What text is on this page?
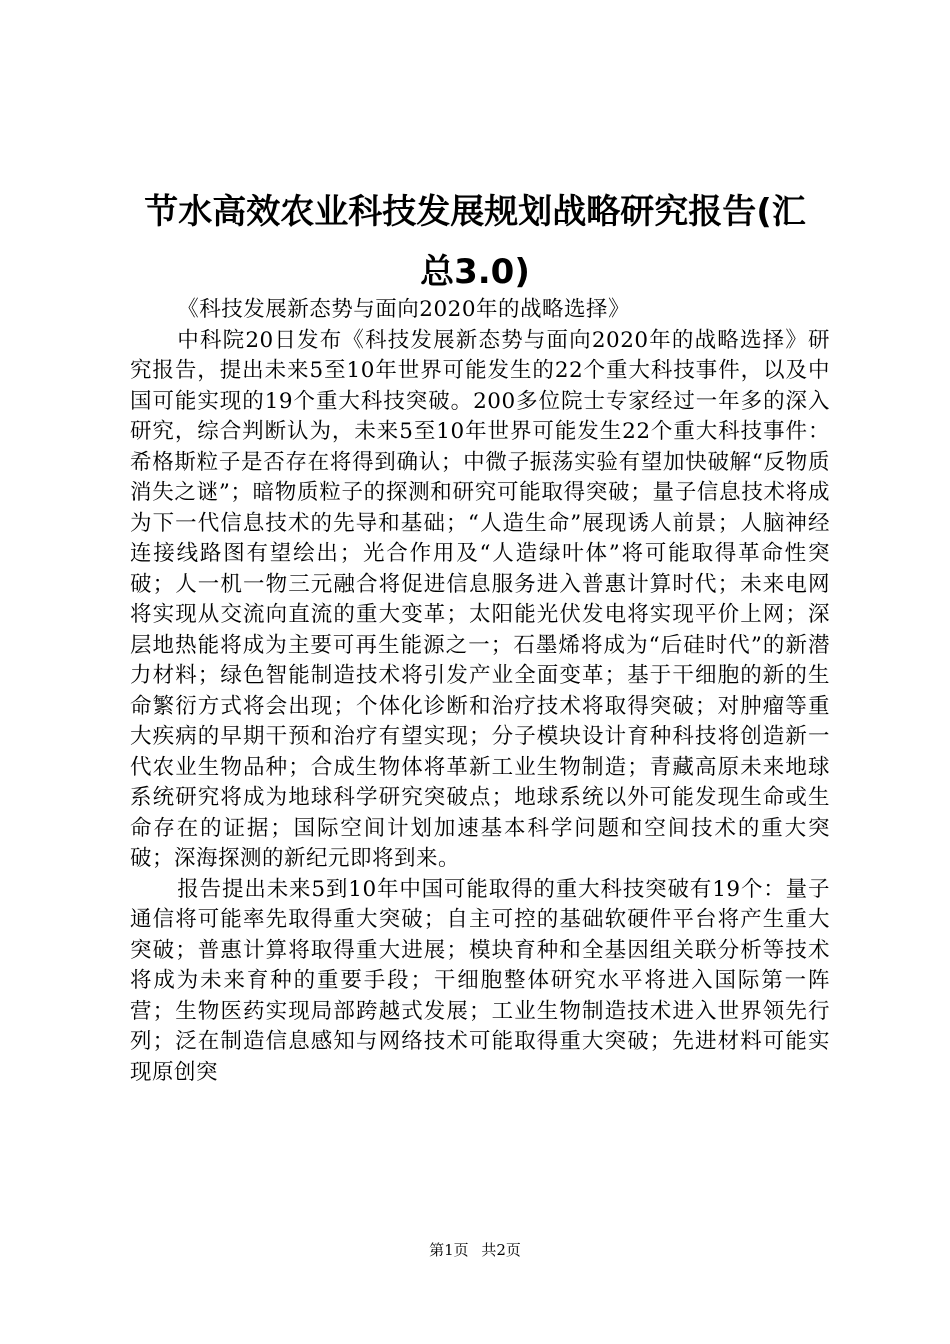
节水高效农业科技发展规划战略研究报告(汇
总3.0)

《科技发展新态势与面向2020年的战略选择》

中科院20日发布《科技发展新态势与面向2020年的战略选择》研究报告，提出未来5至10年世界可能发生的22个重大科技事件，以及中国可能实现的19个重大科技突破。200多位院士专家经过一年多的深入研究，综合判断认为，未来5至10年世界可能发生22个重大科技事件：希格斯粒子是否存在将得到确认；中微子振荡实验有望加快破解“反物质消失之谜”；暗物质粒子的探测和研究可能取得突破；量子信息技术将成为下一代信息技术的先导和基础；“人造生命”展现诱人前景；人脑神经连接线路图有望绘出；光合作用及“人造绿叶体”将可能取得革命性突破；人一机一物三元融合将促进信息服务进入普惠计算时代；未来电网将实现从交流向直流的重大变革；太阳能光伏发电将实现平价上网；深层地热能将成为主要可再生能源之一；石墨烯将成为“后硅时代”的新潜力材料；绿色智能制造技术将引发产业全面变革；基于干细胞的新的生命繁衍方式将会出现；个体化诊断和治疗技术将取得突破；对肿瘤等重大疾病的早期干预和治疗有望实现；分子模块设计育种科技将创造新一代农业生物品种；合成生物体将革新工业生物制造；青藏高原未来地球系统研究将成为地球科学研究突破点；地球系统以外可能发现生命或生命存在的证据；国际空间计划加速基本科学问题和空间技术的重大突破；深海探测的新纪元即将到来。

报告提出未来5到10年中国可能取得的重大科技突破有19个：量子通信将可能率先取得重大突破；自主可控的基础软硬件平台将产生重大突破；普惠计算将取得重大进展；模块育种和全基因组关联分析等技术将成为未来育种的重要手段；干细胞整体研究水平将进入国际第一阵营；生物医药实现局部跨越式发展；工业生物制造技术进入世界领先行列；泛在制造信息感知与网络技术可能取得重大突破；先进材料可能实现原创突

第1页 共2页
